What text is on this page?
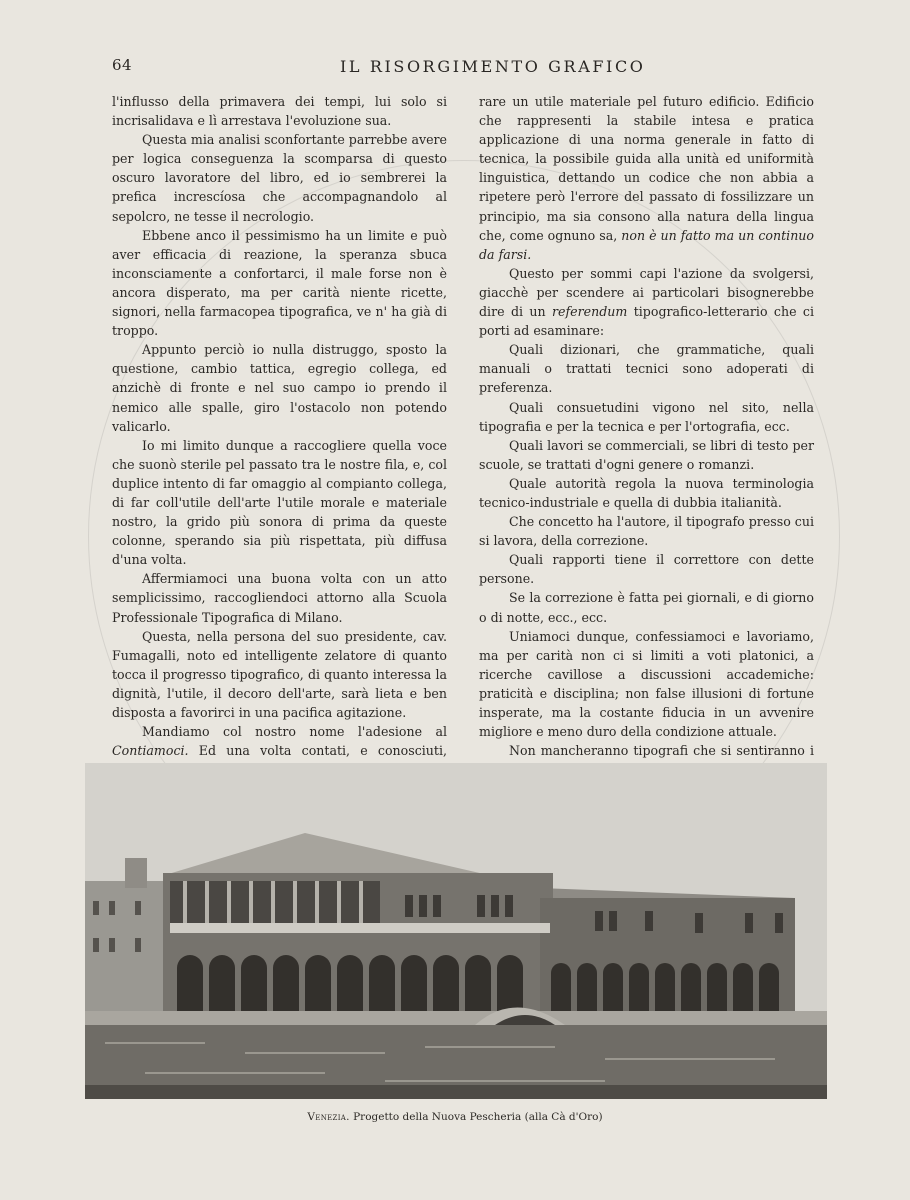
64	IL RISORGIMENTO GRAFICO

l'influsso della primavera dei tempi, lui solo si incrisalidava e lì arrestava l'evoluzione sua.

Questa mia analisi sconfortante parrebbe avere per logica conseguenza la scomparsa di questo oscuro lavoratore del libro, ed io sembrerei la prefica increscíosa che accompagnandolo al sepolcro, ne tesse il necrologio.

Ebbene anco il pessimismo ha un limite e può aver efficacia di reazione, la speranza sbuca inconsciamente a confortarci, il male forse non è ancora disperato, ma per carità niente ricette, signori, nella farmacopea tipografica, ve n' ha già di troppo.

Appunto perciò io nulla distruggo, sposto la questione, cambio tattica, egregio collega, ed anzichè di fronte e nel suo campo io prendo il nemico alle spalle, giro l'ostacolo non potendo valicarlo.

Io mi limito dunque a raccogliere quella voce che suonò sterile pel passato tra le nostre fila, e, col duplice intento di far omaggio al compianto collega, di far coll'utile dell'arte l'utile morale e materiale nostro, la grido più sonora di prima da queste colonne, sperando sia più rispettata, più diffusa d'una volta.

Affermiamoci una buona volta con un atto semplicissimo, raccogliendoci attorno alla Scuola Professionale Tipografica di Milano.

Questa, nella persona del suo presidente, cav. Fumagalli, noto ed intelligente zelatore di quanto tocca il progresso tipografico, di quanto interessa la dignità, l'utile, il decoro dell'arte, sarà lieta e ben disposta a favorirci in una pacifica agitazione.

Mandiamo col nostro nome l'adesione al Contiamoci. Ed una volta contati, e conosciuti,

rare un utile materiale pel futuro edificio. Edificio che rappresenti la stabile intesa e pratica applicazione di una norma generale in fatto di tecnica, la possibile guida alla unità ed uniformità linguistica, dettando un codice che non abbia a ripetere però l'errore del passato di fossilizzare un principio, ma sia consono alla natura della lingua che, come ognuno sa, non è un fatto ma un continuo da farsi.

Questo per sommi capi l'azione da svolgersi, giacchè per scendere ai particolari bisognerebbe dire di un referendum tipografico-letterario che ci porti ad esaminare:

Quali dizionari, che grammatiche, quali manuali o trattati tecnici sono adoperati di preferenza.

Quali consuetudini vigono nel sito, nella tipografia e per la tecnica e per l'ortografia, ecc.

Quali lavori se commerciali, se libri di testo per scuole, se trattati d'ogni genere o romanzi.

Quale autorità regola la nuova terminologia tecnico-industriale e quella di dubbia italianità.

Che concetto ha l'autore, il tipografo presso cui si lavora, della correzione.

Quali rapporti tiene il correttore con dette persone.

Se la correzione è fatta pei giornali, e di giorno o di notte, ecc., ecc.

Uniamoci dunque, confessiamoci e lavoriamo, ma per carità non ci si limiti a voti platonici, a ricerche cavillose a discussioni accademiche: praticità e disciplina; non false illusioni di fortune insperate, ma la costante fiducia in un avvenire migliore e meno duro della condizione attuale.

Non mancheranno tipografi che si sentiranno i

Venezia. Progetto della Nuova Pescheria (alla Cà d'Oro)
